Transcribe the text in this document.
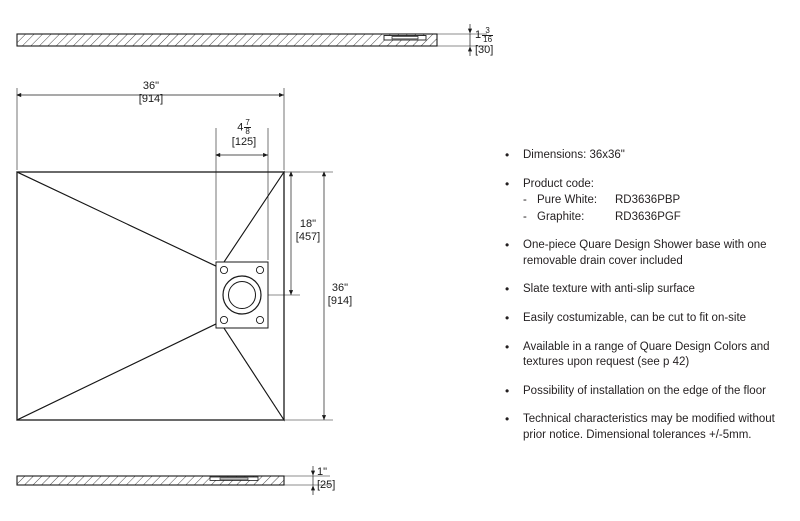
$1 \frac{3}{16}$
[30]
36"
[914]
$4 \frac{7}{8}$
[125]
18"
[457]
36"
[914]
1"
[25]
•	Dimensions: 36x36"
•	Product code:
- Pure White:	RD3636PBP
- Graphite:	RD3636PGF
•	One-piece Quare Design Shower base with one removable drain cover included
•	Slate texture with anti-slip surface
•	Easily costumizable, can be cut to fit on-site
•	Available in a range of Quare Design Colors and textures upon request (see p 42)
•	Possibility of installation on the edge of the floor
•	Technical characteristics may be modified without prior notice. Dimensional tolerances +/-5mm.
